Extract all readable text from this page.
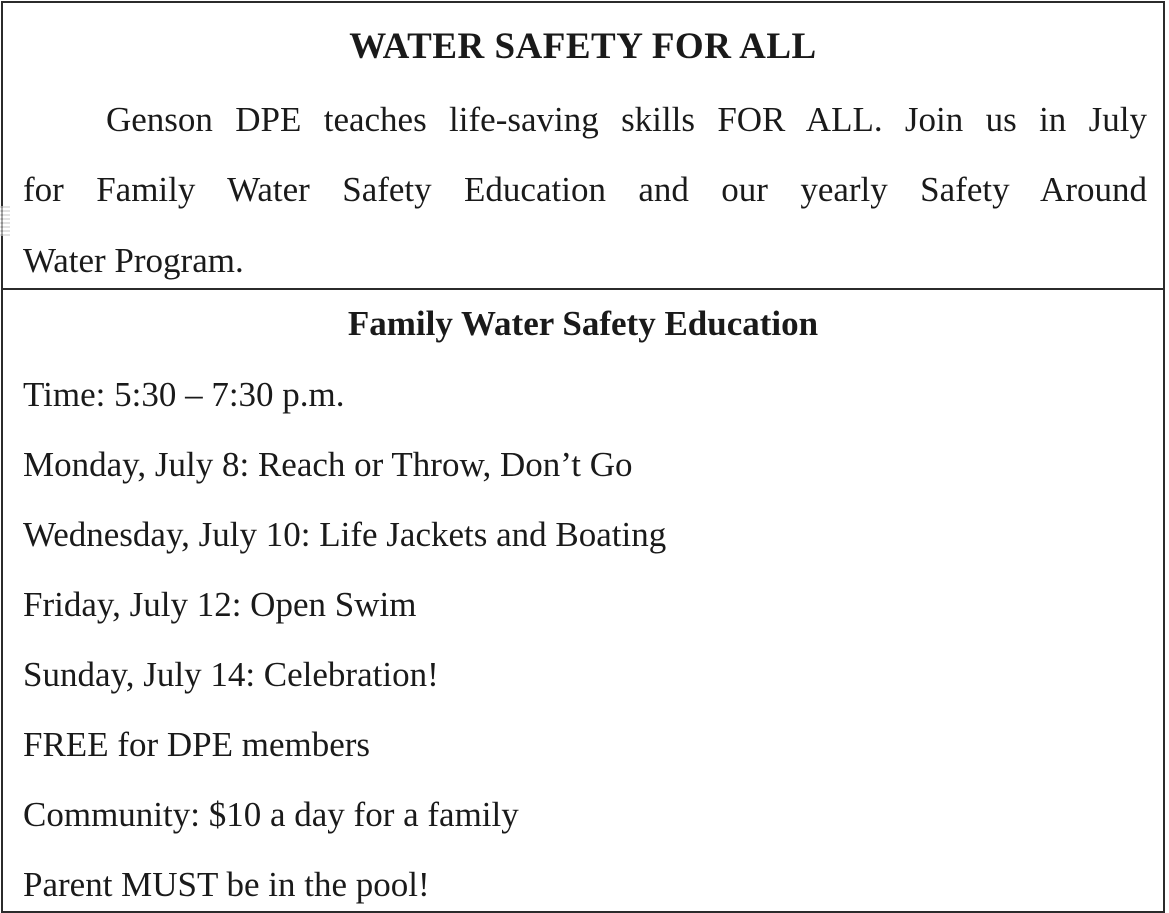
WATER SAFETY FOR ALL

Genson DPE teaches life-saving skills FOR ALL. Join us in July

for Family Water Safety Education and our yearly Safety Around

Water Program.

Family Water Safety Education

Time: 5:30 – 7:30 p.m.

Monday, July 8: Reach or Throw, Don’t Go

Wednesday, July 10: Life Jackets and Boating

Friday, July 12: Open Swim

Sunday, July 14: Celebration!

FREE for DPE members

Community: $10 a day for a family

Parent MUST be in the pool!
